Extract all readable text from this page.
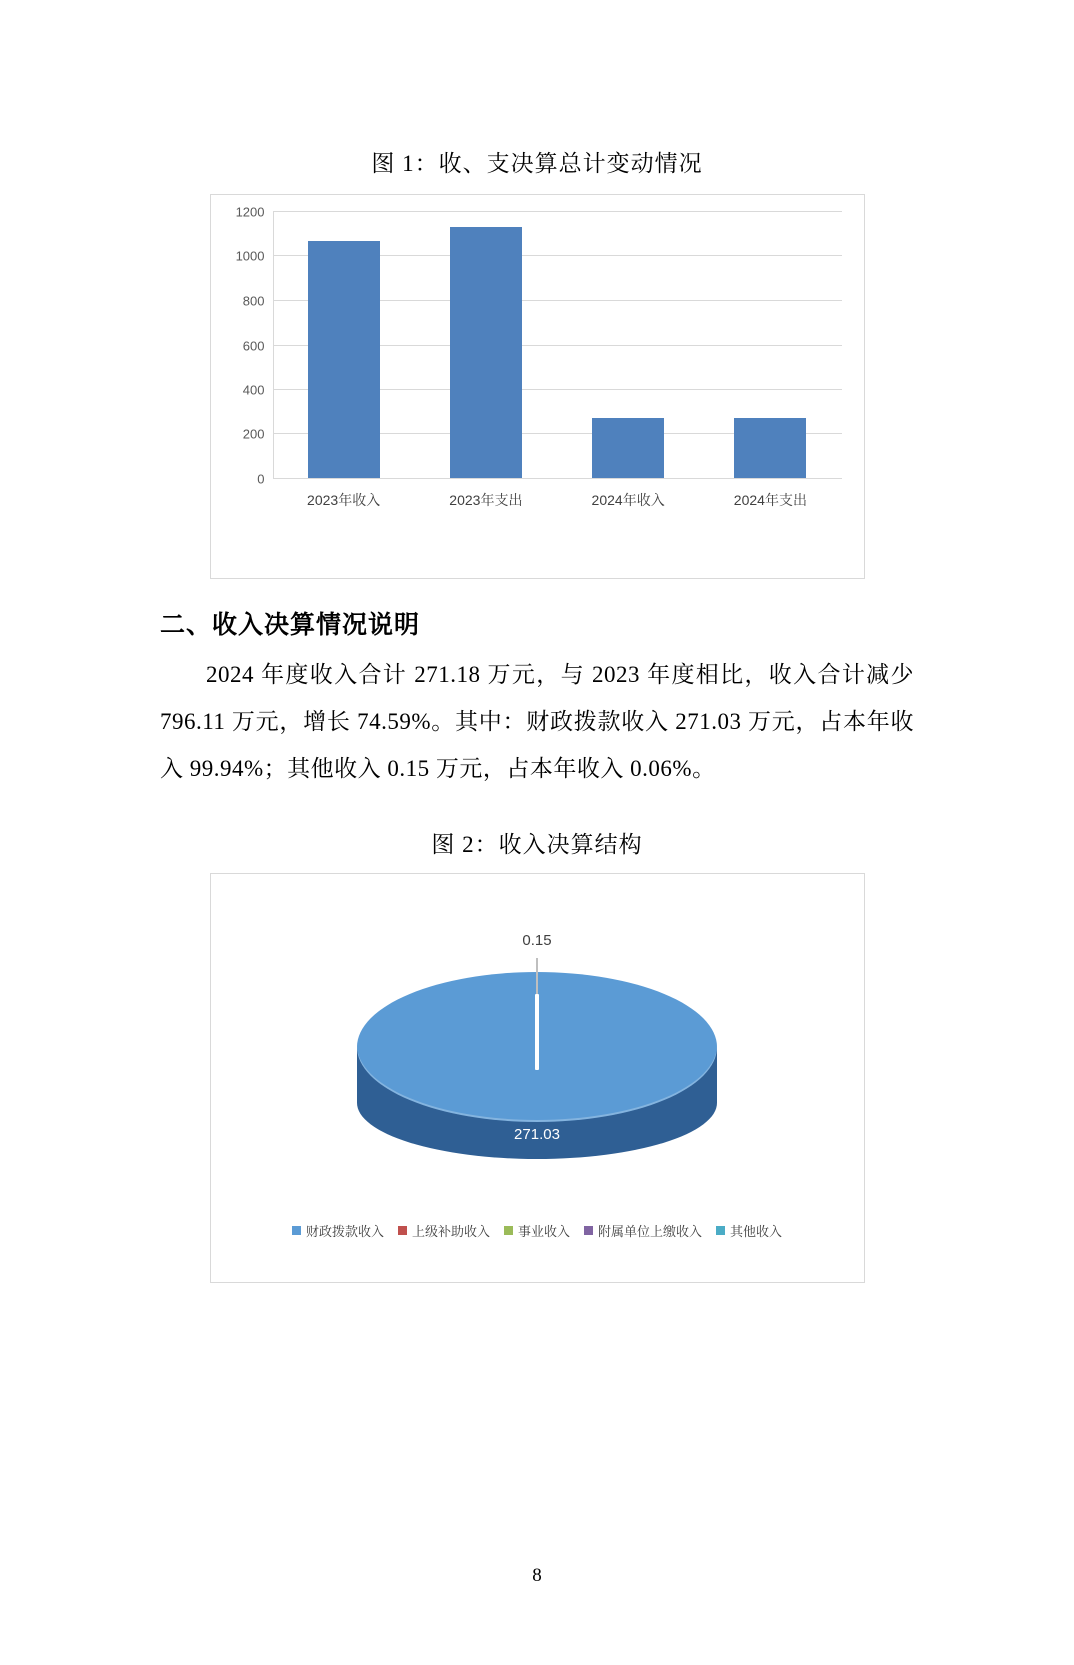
图 1：收、支决算总计变动情况
1200
1000
800
600
400
200
0
2023年收入	2023年支出	2024年收入	2024年支出
二、收入决算情况说明

2024 年度收入合计 271.18 万元，与 2023 年度相比，收入合计减少 796.11 万元，增长 74.59%。其中：财政拨款收入 271.03 万元，占本年收入 99.94%；其他收入 0.15 万元，占本年收入 0.06%。

图 2：收入决算结构
0.15
271.03
财政拨款收入 上级补助收入 事业收入 附属单位上缴收入 其他收入
8
